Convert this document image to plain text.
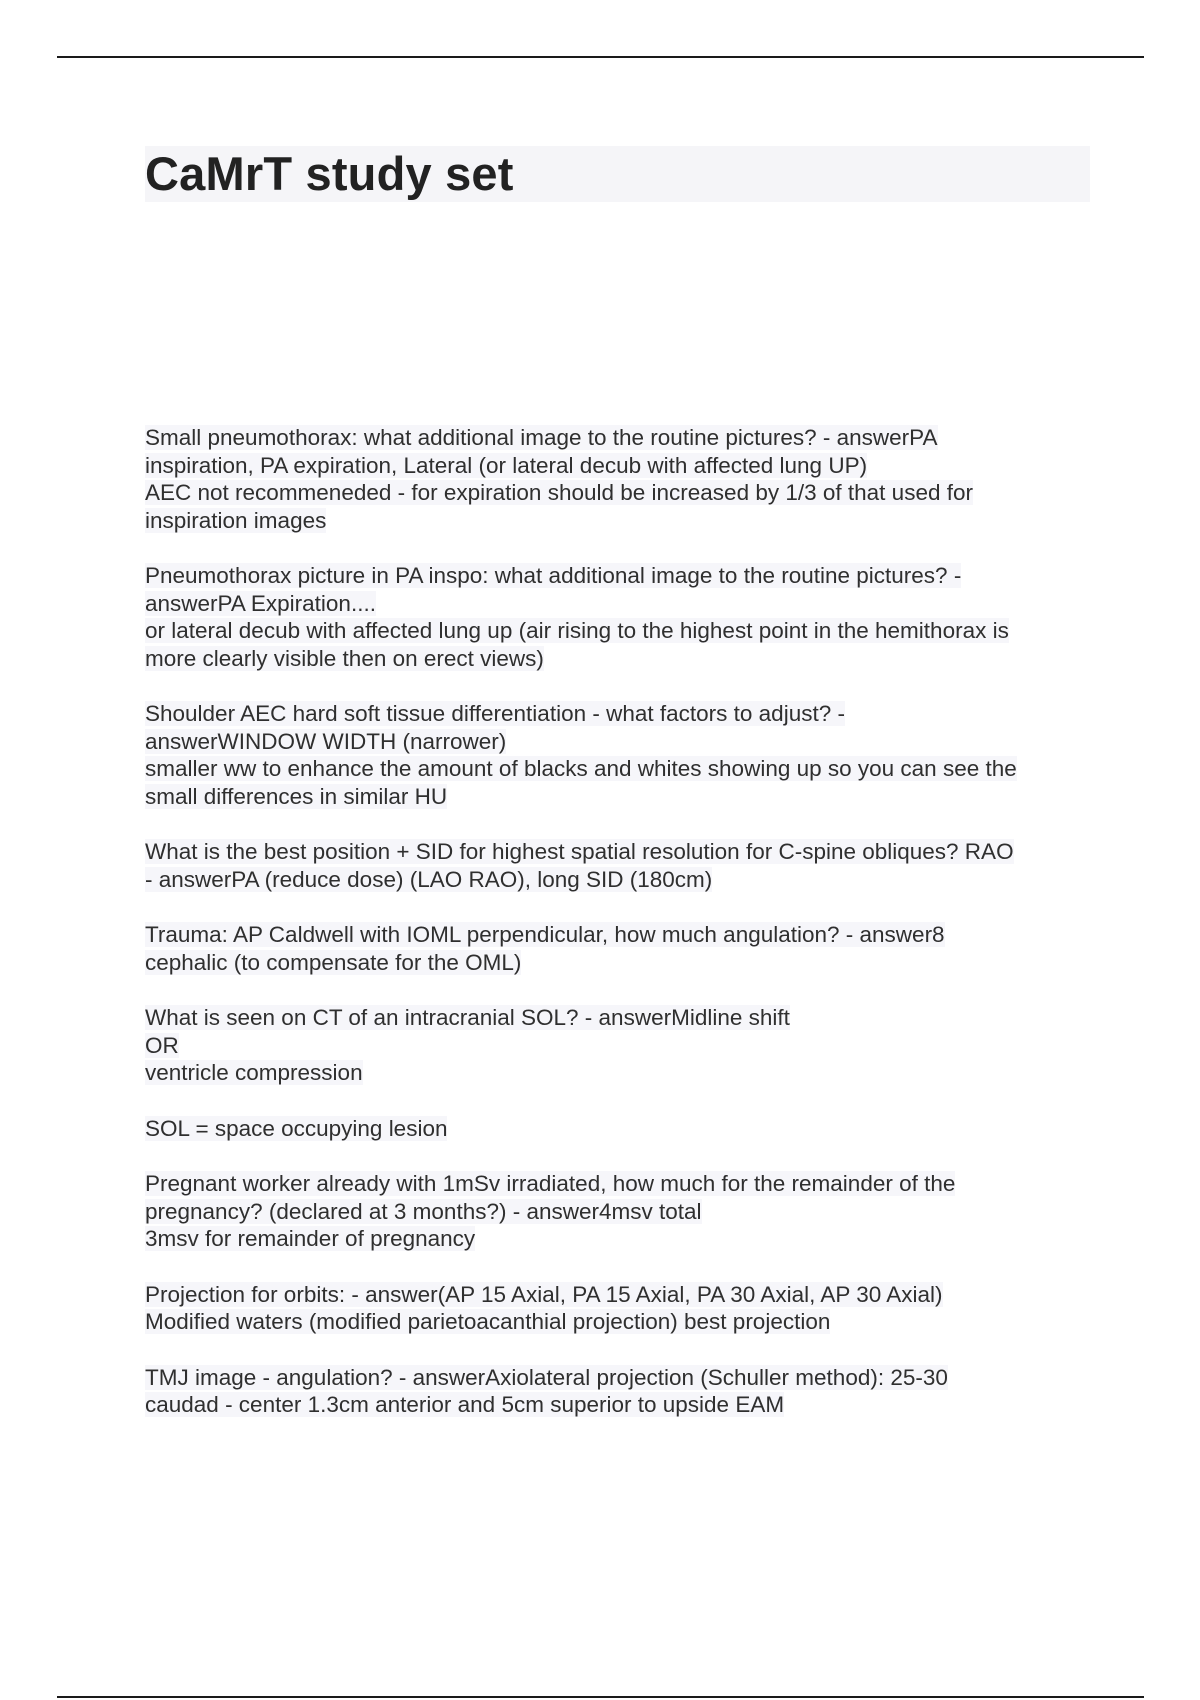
CaMrT study set
Small pneumothorax: what additional image to the routine pictures? - answerPA
inspiration, PA expiration, Lateral (or lateral decub with affected lung UP)
AEC not recommeneded - for expiration should be increased by 1/3 of that used for
inspiration images
Pneumothorax picture in PA inspo: what additional image to the routine pictures? -
answerPA Expiration....
or lateral decub with affected lung up (air rising to the highest point in the hemithorax is
more clearly visible then on erect views)
Shoulder AEC hard soft tissue differentiation - what factors to adjust? -
answerWINDOW WIDTH (narrower)
smaller ww to enhance the amount of blacks and whites showing up so you can see the
small differences in similar HU
What is the best position + SID for highest spatial resolution for C-spine obliques? RAO
- answerPA (reduce dose) (LAO RAO), long SID (180cm)
Trauma: AP Caldwell with IOML perpendicular, how much angulation? - answer8
cephalic (to compensate for the OML)
What is seen on CT of an intracranial SOL? - answerMidline shift
OR
ventricle compression
SOL = space occupying lesion
Pregnant worker already with 1mSv irradiated, how much for the remainder of the
pregnancy? (declared at 3 months?) - answer4msv total
3msv for remainder of pregnancy
Projection for orbits: - answer(AP 15 Axial, PA 15 Axial, PA 30 Axial, AP 30 Axial)
Modified waters (modified parietoacanthial projection) best projection
TMJ image - angulation? - answerAxiolateral projection (Schuller method): 25-30
caudad - center 1.3cm anterior and 5cm superior to upside EAM
